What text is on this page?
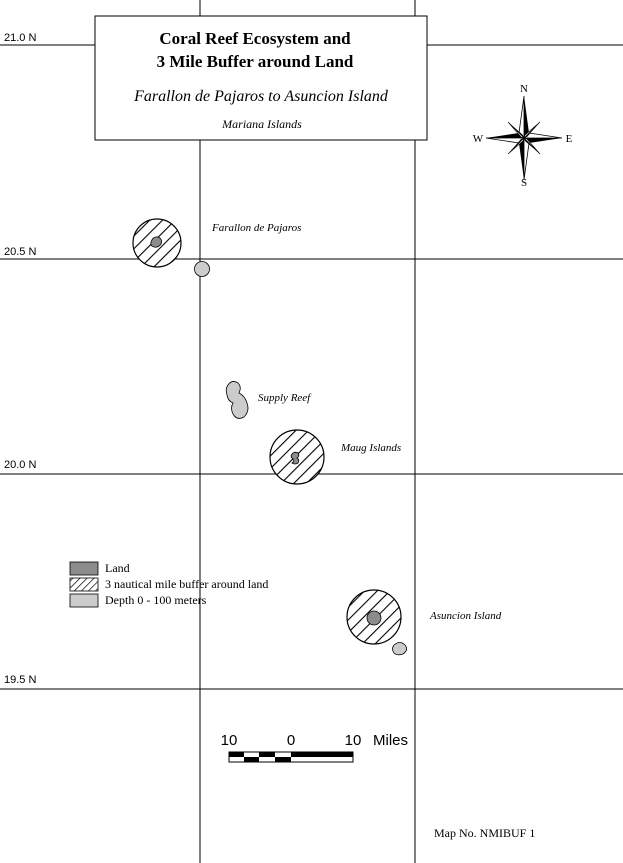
21.0 N
20.5 N
20.0 N
19.5 N
Coral Reef Ecosystem and
3 Mile Buffer around Land
Farallon de Pajaros to Asuncion Island
Mariana Islands
N
S
E
W
Farallon de Pajaros
Supply Reef
Maug Islands
Asuncion Island
Land
3 nautical mile buffer around land
Depth 0 - 100 meters
10	0	10 Miles
Map No. NMIBUF 1
